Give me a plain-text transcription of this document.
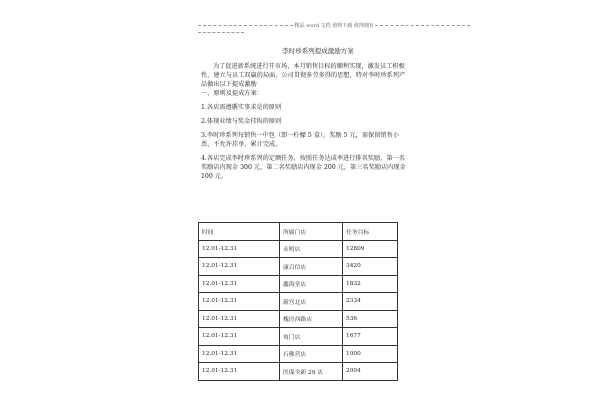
精品 word 文档 值得下载 值得拥有
李时珍系列提成激励方案

为了促进新系统进行开市场，本月销售目标的顺利实现，激发员工积极性，建立与员工双赢的局面，公司贯彻多劳多得的思想，特对李时珍系列产品做出以下提成激励

一、原则及提成方案：

1.各店需遵循实事求是的原则

2.体现业绩与奖金挂钩的原则

3.李时珍系列每销售一中包（即一柠檬 5 盒），奖励 5 元，需保留销售小票，不允许挂单、累计完成。

4.各店完成李时珍系列的定额任务，按照任务达成率进行排名奖励，第一名奖励店内现金 300 元，第二名奖励店内现金 200 元，第三名奖励店内现金 100 元。

时间	所属门店	任务目标
12.01-12.31	永明店	12809
12.01-12.31	康百信店	3420
12.01-12.31	鑫海堂店	1832
12.01-12.31	新宫北店	2334
12.01-12.31	槐房西路店	536
12.01-12.31	角门店	1677
12.01-12.31	石佛营店	1000
12.01-12.31	医保全新 29 店	2004
